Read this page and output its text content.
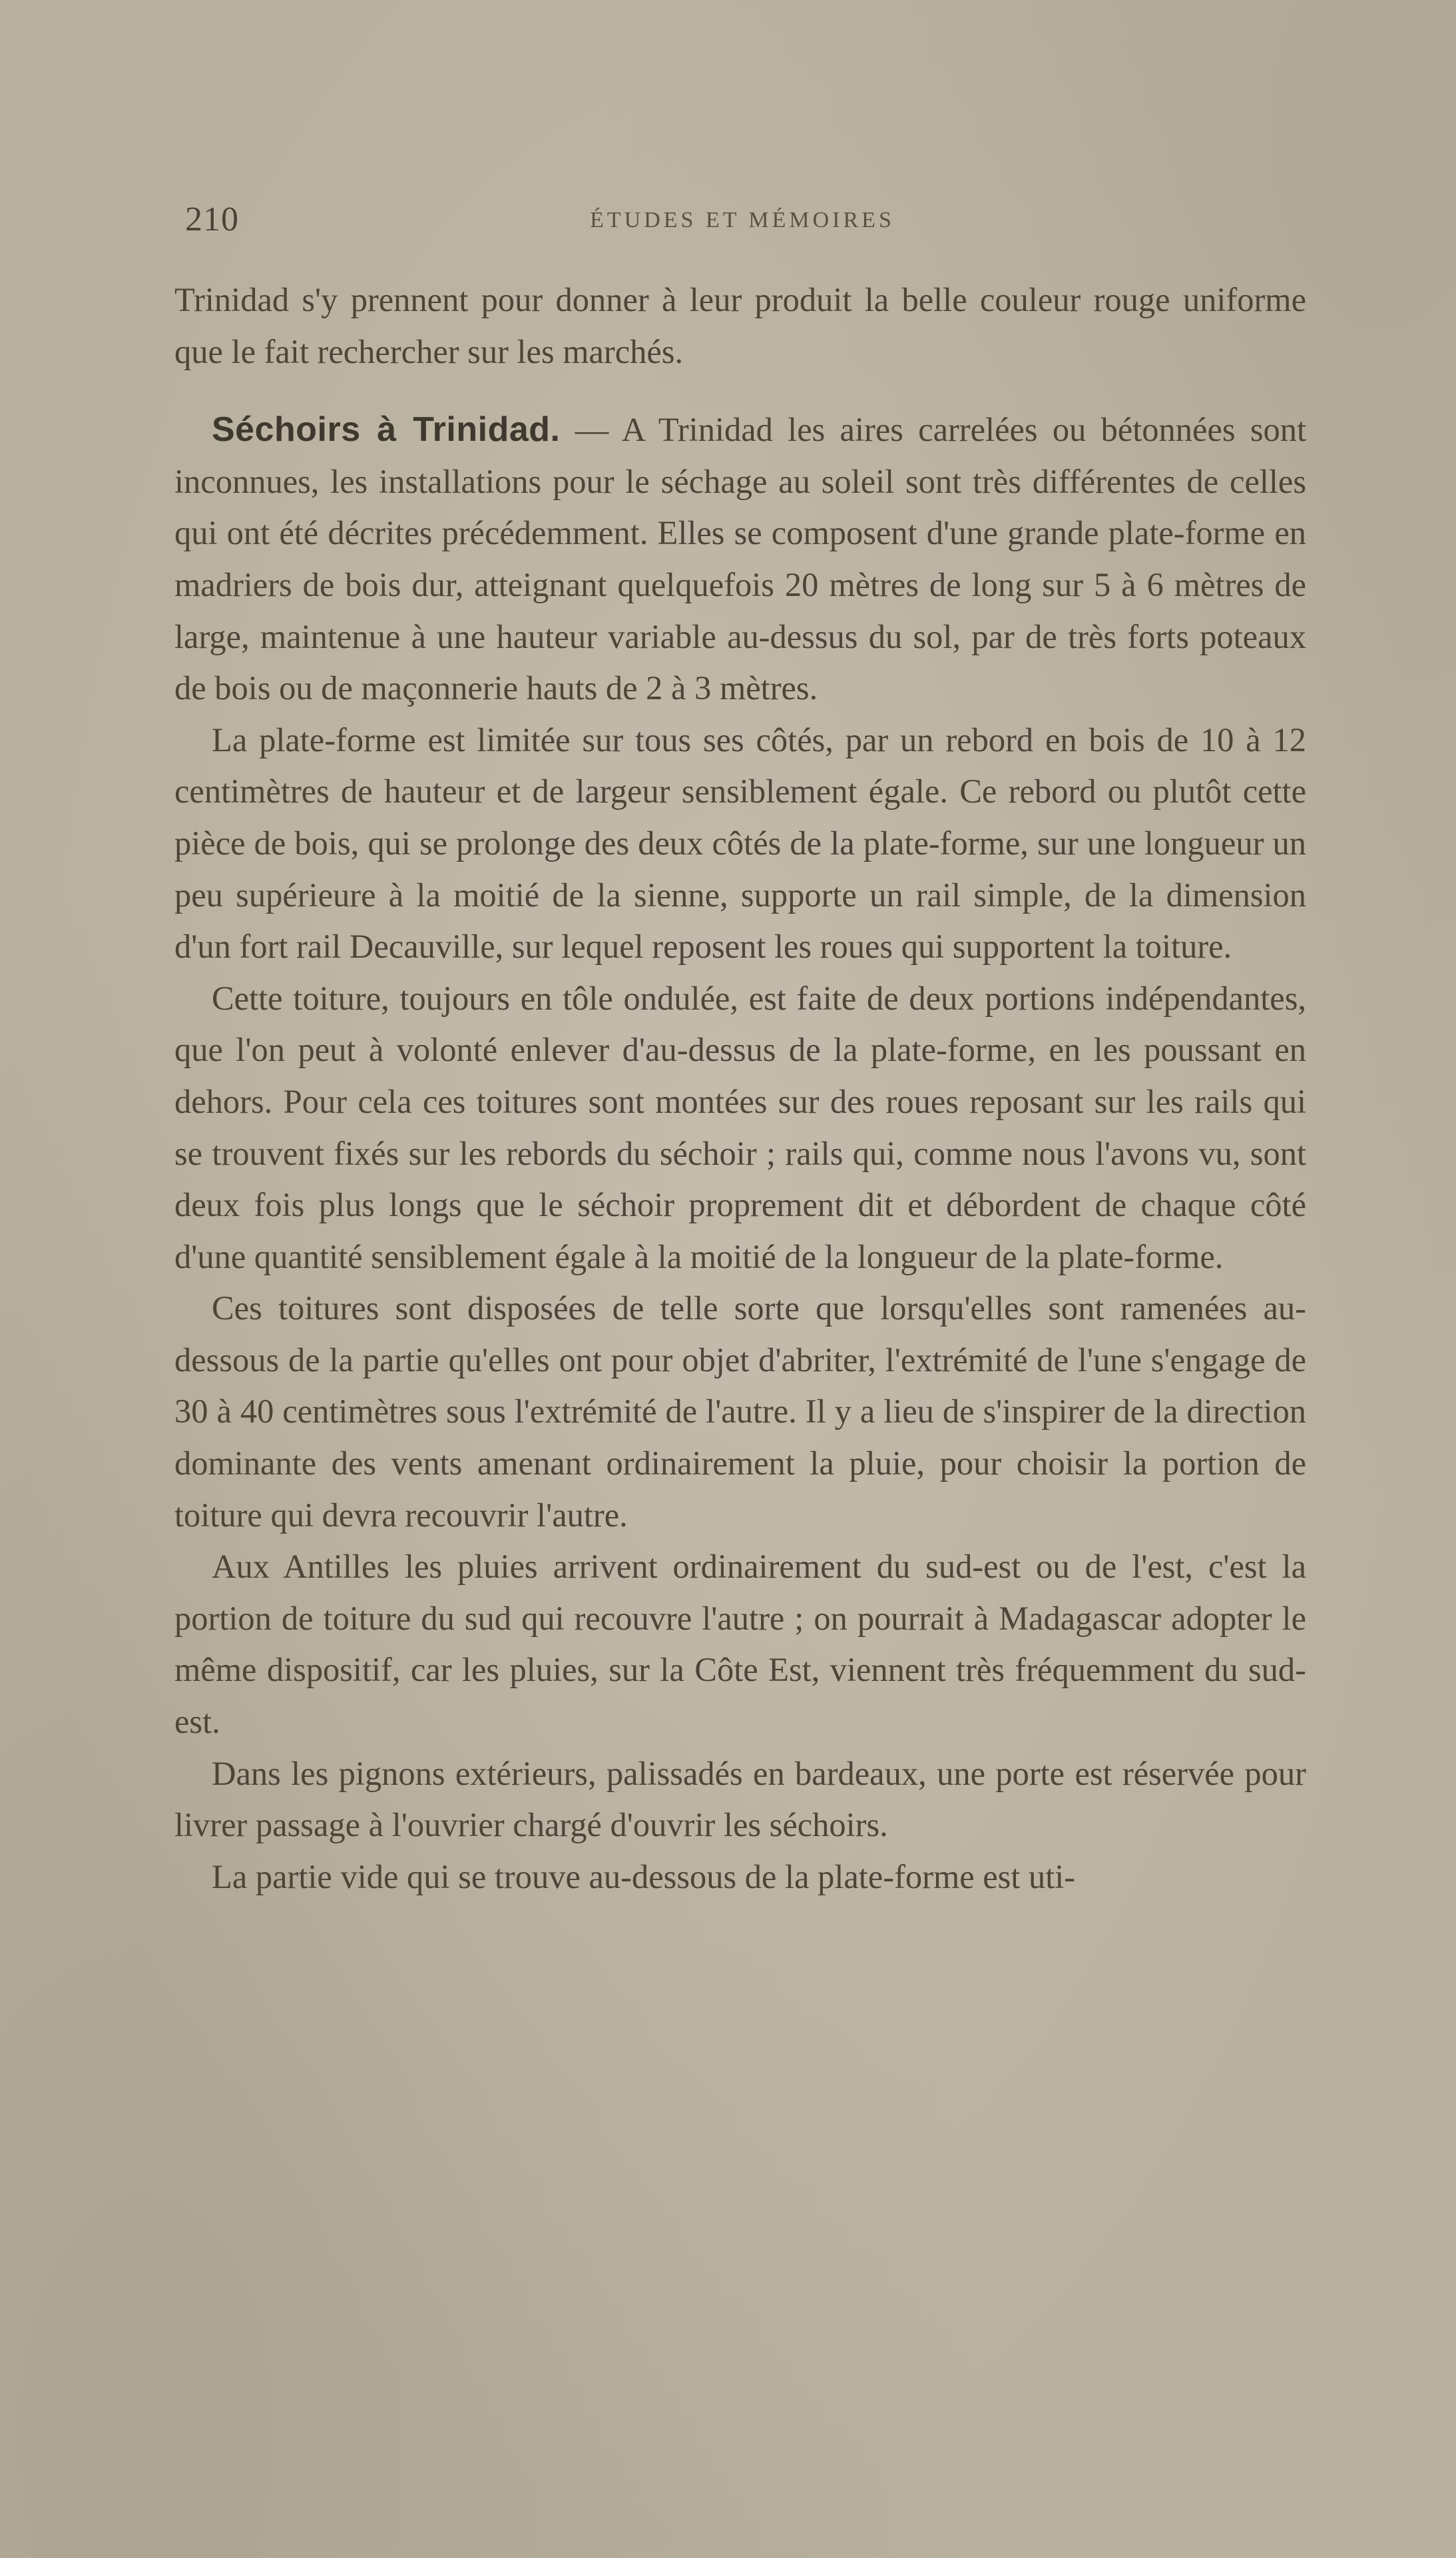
210	ÉTUDES ET MÉMOIRES

Trinidad s'y prennent pour donner à leur produit la belle couleur rouge uniforme que le fait rechercher sur les marchés.

Séchoirs à Trinidad. — A Trinidad les aires carrelées ou bétonnées sont inconnues, les installations pour le séchage au soleil sont très différentes de celles qui ont été décrites précédemment. Elles se composent d'une grande plate-forme en madriers de bois dur, atteignant quelquefois 20 mètres de long sur 5 à 6 mètres de large, maintenue à une hauteur variable au-dessus du sol, par de très forts poteaux de bois ou de maçonnerie hauts de 2 à 3 mètres.

La plate-forme est limitée sur tous ses côtés, par un rebord en bois de 10 à 12 centimètres de hauteur et de largeur sensiblement égale. Ce rebord ou plutôt cette pièce de bois, qui se prolonge des deux côtés de la plate-forme, sur une longueur un peu supérieure à la moitié de la sienne, supporte un rail simple, de la dimension d'un fort rail Decauville, sur lequel reposent les roues qui supportent la toiture.

Cette toiture, toujours en tôle ondulée, est faite de deux portions indépendantes, que l'on peut à volonté enlever d'au-dessus de la plate-forme, en les poussant en dehors. Pour cela ces toitures sont montées sur des roues reposant sur les rails qui se trouvent fixés sur les rebords du séchoir ; rails qui, comme nous l'avons vu, sont deux fois plus longs que le séchoir proprement dit et débordent de chaque côté d'une quantité sensiblement égale à la moitié de la longueur de la plate-forme.

Ces toitures sont disposées de telle sorte que lorsqu'elles sont ramenées au-dessous de la partie qu'elles ont pour objet d'abriter, l'extrémité de l'une s'engage de 30 à 40 centimètres sous l'extrémité de l'autre. Il y a lieu de s'inspirer de la direction dominante des vents amenant ordinairement la pluie, pour choisir la portion de toiture qui devra recouvrir l'autre.

Aux Antilles les pluies arrivent ordinairement du sud-est ou de l'est, c'est la portion de toiture du sud qui recouvre l'autre ; on pourrait à Madagascar adopter le même dispositif, car les pluies, sur la Côte Est, viennent très fréquemment du sud-est.

Dans les pignons extérieurs, palissadés en bardeaux, une porte est réservée pour livrer passage à l'ouvrier chargé d'ouvrir les séchoirs.

La partie vide qui se trouve au-dessous de la plate-forme est uti-
